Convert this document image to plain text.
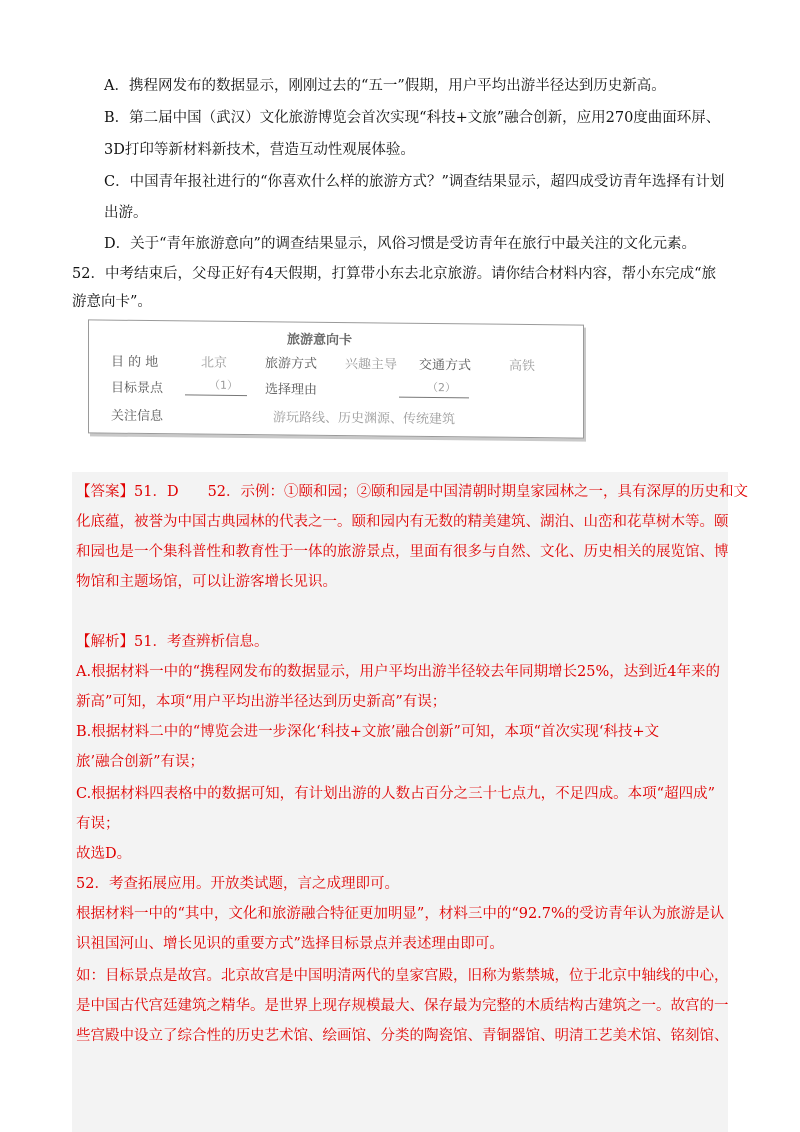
A．携程网发布的数据显示，刚刚过去的“五一”假期，用户平均出游半径达到历史新高。
B．第二届中国（武汉）文化旅游博览会首次实现“科技+文旅”融合创新，应用270度曲面环屏、
3D打印等新材料新技术，营造互动性观展体验。
C．中国青年报社进行的“你喜欢什么样的旅游方式？”调查结果显示，超四成受访青年选择有计划
出游。
D．关于“青年旅游意向”的调查结果显示，风俗习惯是受访青年在旅行中最关注的文化元素。
52．中考结束后，父母正好有4天假期，打算带小东去北京旅游。请你结合材料内容，帮小东完成“旅
游意向卡”。
旅游意向卡
目 的 地	北京	旅游方式 兴趣主导 交通方式	高铁
目标景点	（1） 选择理由	（2）
关注信息	游玩路线、历史渊源、传统建筑
【答案】51．D　　52．示例：①颐和园；②颐和园是中国清朝时期皇家园林之一，具有深厚的历史和文
化底蕴，被誉为中国古典园林的代表之一。颐和园内有无数的精美建筑、湖泊、山峦和花草树木等。颐
和园也是一个集科普性和教育性于一体的旅游景点，里面有很多与自然、文化、历史相关的展览馆、博
物馆和主题场馆，可以让游客增长见识。
【解析】51．考查辨析信息。
A.根据材料一中的“携程网发布的数据显示，用户平均出游半径较去年同期增长25%，达到近4年来的
新高”可知，本项“用户平均出游半径达到历史新高”有误；
B.根据材料二中的“博览会进一步深化‘科技+文旅’融合创新”可知，本项“首次实现‘科技+文
旅’融合创新”有误；
C.根据材料四表格中的数据可知，有计划出游的人数占百分之三十七点九，不足四成。本项“超四成”
有误；
故选D。
52．考查拓展应用。开放类试题，言之成理即可。
根据材料一中的“其中，文化和旅游融合特征更加明显”，材料三中的“92.7%的受访青年认为旅游是认
识祖国河山、增长见识的重要方式”选择目标景点并表述理由即可。
如：目标景点是故宫。北京故宫是中国明清两代的皇家宫殿，旧称为紫禁城，位于北京中轴线的中心，
是中国古代宫廷建筑之精华。是世界上现存规模最大、保存最为完整的木质结构古建筑之一。故宫的一
些宫殿中设立了综合性的历史艺术馆、绘画馆、分类的陶瓷馆、青铜器馆、明清工艺美术馆、铭刻馆、
